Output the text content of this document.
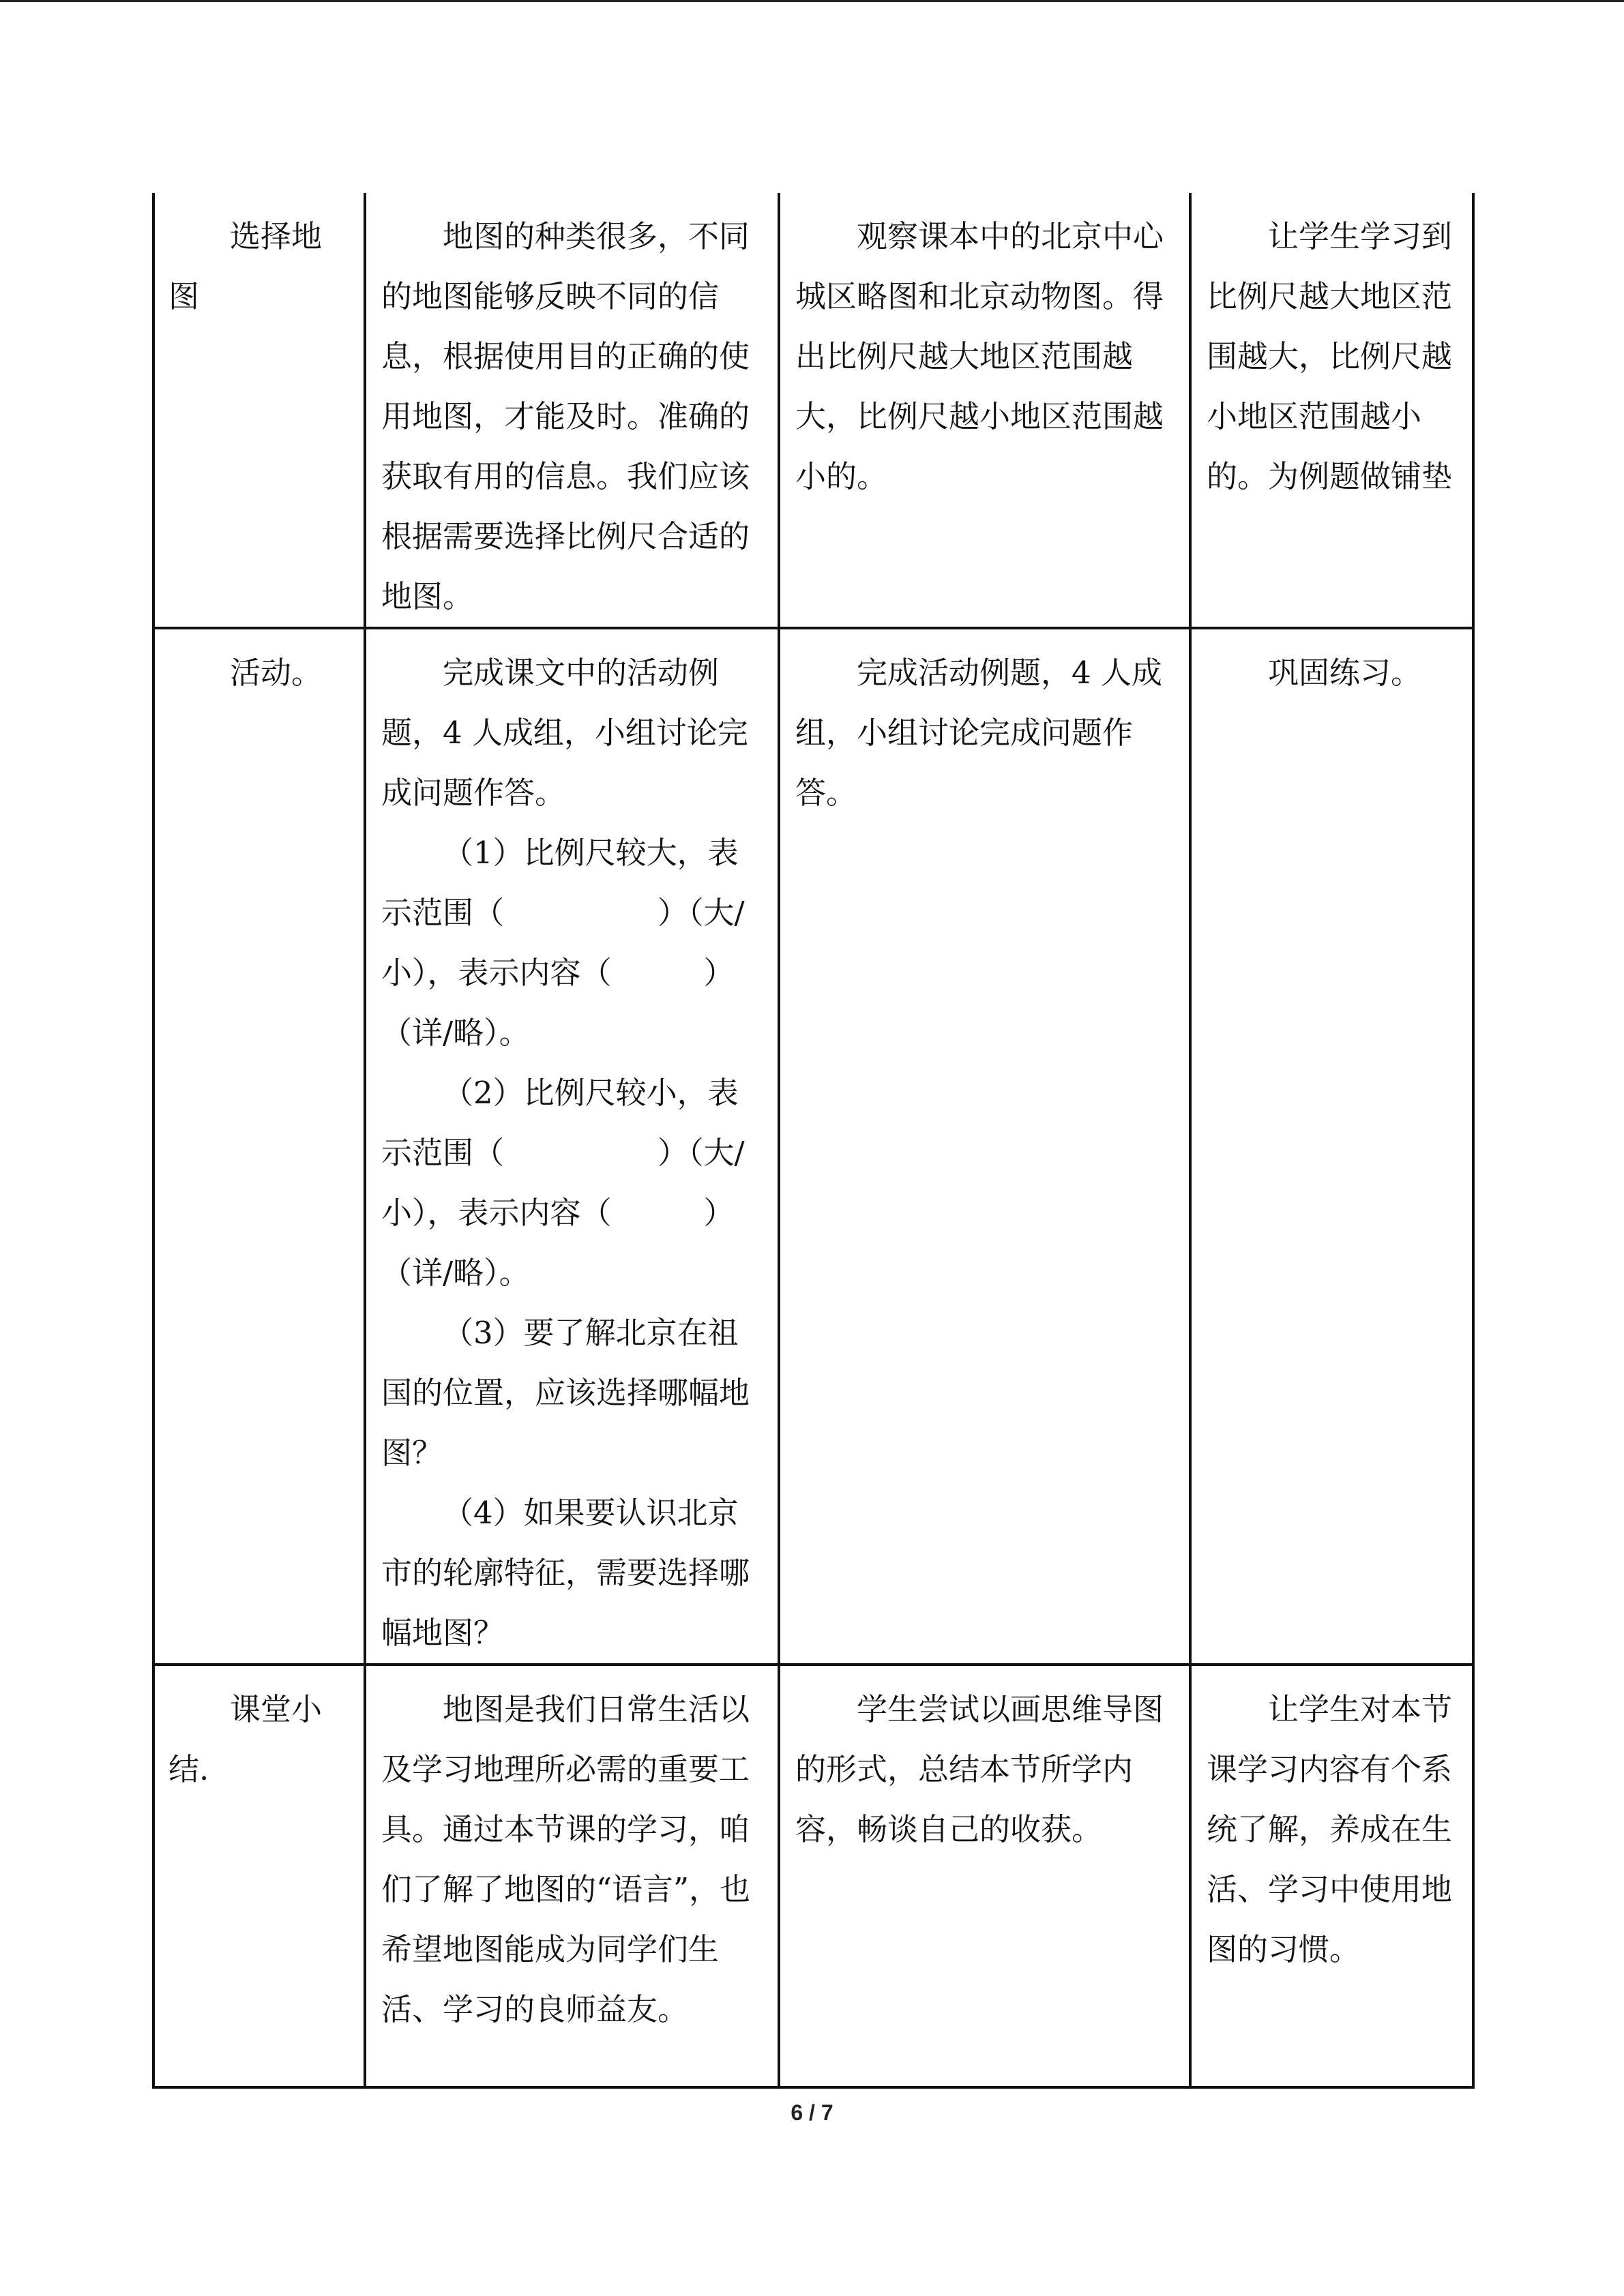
选择地图	地图的种类很多，不同的地图能够反映不同的信息，根据使用目的正确的使用地图，才能及时。准确的获取有用的信息。我们应该根据需要选择比例尺合适的地图。	观察课本中的北京中心城区略图和北京动物图。得出比例尺越大地区范围越大，比例尺越小地区范围越小的。	让学生学习到比例尺越大地区范围越大，比例尺越小地区范围越小的。为例题做铺垫
活动。	完成课文中的活动例题，4 人成组，小组讨论完成问题作答。

（1）比例尺较大，表示范围（　　　　　）（大/小），表示内容（　　　）（详/略）。

（2）比例尺较小，表示范围（　　　　　）（大/小），表示内容（　　　）（详/略）。

（3）要了解北京在祖国的位置，应该选择哪幅地图？

（4）如果要认识北京市的轮廓特征，需要选择哪幅地图？	完成活动例题，4 人成组，小组讨论完成问题作答。	巩固练习。
课堂小结.	地图是我们日常生活以及学习地理所必需的重要工具。通过本节课的学习，咱们了解了地图的“语言”，也希望地图能成为同学们生活、学习的良师益友。	学生尝试以画思维导图的形式，总结本节所学内容，畅谈自己的收获。	让学生对本节课学习内容有个系统了解，养成在生活、学习中使用地图的习惯。
6 / 7
